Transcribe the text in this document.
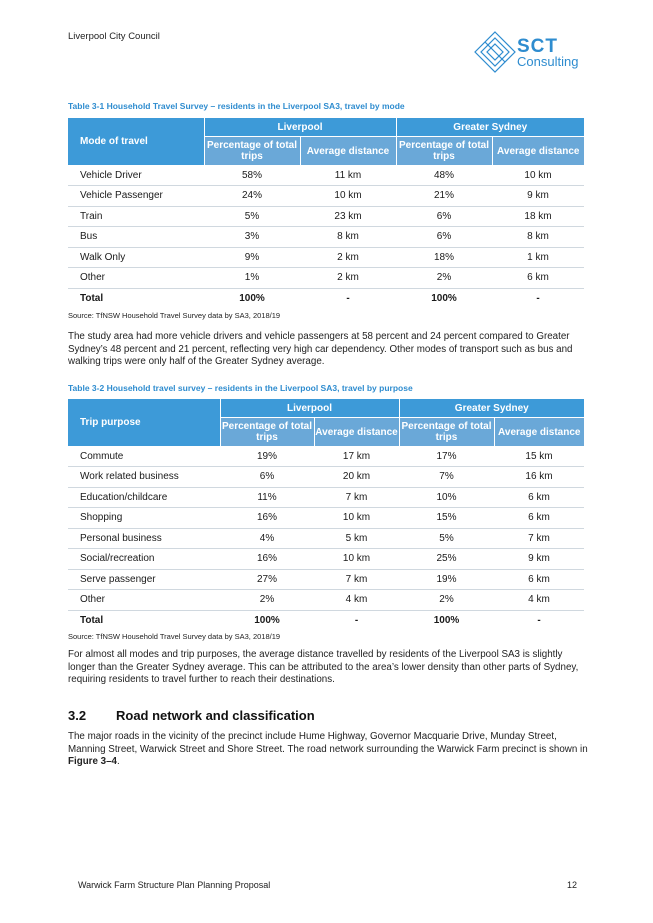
Liverpool City Council	SCT
Consulting
Table 3-1 Household Travel Survey – residents in the Liverpool SA3, travel by mode
Mode of travel	Liverpool		Greater Sydney	
	Percentage of total trips	Average distance	Percentage of total trips	Average distance
Vehicle Driver	58%	11 km	48%	10 km
Vehicle Passenger	24%	10 km	21%	9 km
Train	5%	23 km	6%	18 km
Bus	3%	8 km	6%	8 km
Walk Only	9%	2 km	18%	1 km
Other	1%	2 km	2%	6 km
Total	100%	-	100%	-
Source: TfNSW Household Travel Survey data by SA3, 2018/19
The study area had more vehicle drivers and vehicle passengers at 58 percent and 24 percent compared to Greater Sydney’s 48 percent and 21 percent, reflecting very high car dependency. Other modes of transport such as bus and walking trips were only half of the Greater Sydney average.
Table 3-2 Household travel survey – residents in the Liverpool SA3, travel by purpose
Trip purpose	Liverpool		Greater Sydney	
	Percentage of total trips	Average distance	Percentage of total trips	Average distance
Commute	19%	17 km	17%	15 km
Work related business	6%	20 km	7%	16 km
Education/childcare	11%	7 km	10%	6 km
Shopping	16%	10 km	15%	6 km
Personal business	4%	5 km	5%	7 km
Social/recreation	16%	10 km	25%	9 km
Serve passenger	27%	7 km	19%	6 km
Other	2%	4 km	2%	4 km
Total	100%	-	100%	-
Source: TfNSW Household Travel Survey data by SA3, 2018/19
For almost all modes and trip purposes, the average distance travelled by residents of the Liverpool SA3 is slightly longer than the Greater Sydney average. This can be attributed to the area’s lower density than other parts of Sydney, requiring residents to travel further to reach their destinations.
3.2 Road network and classification
The major roads in the vicinity of the precinct include Hume Highway, Governor Macquarie Drive, Munday Street, Manning Street, Warwick Street and Shore Street. The road network surrounding the Warwick Farm precinct is shown in Figure 3–4.
Warwick Farm Structure Plan Planning Proposal	12
